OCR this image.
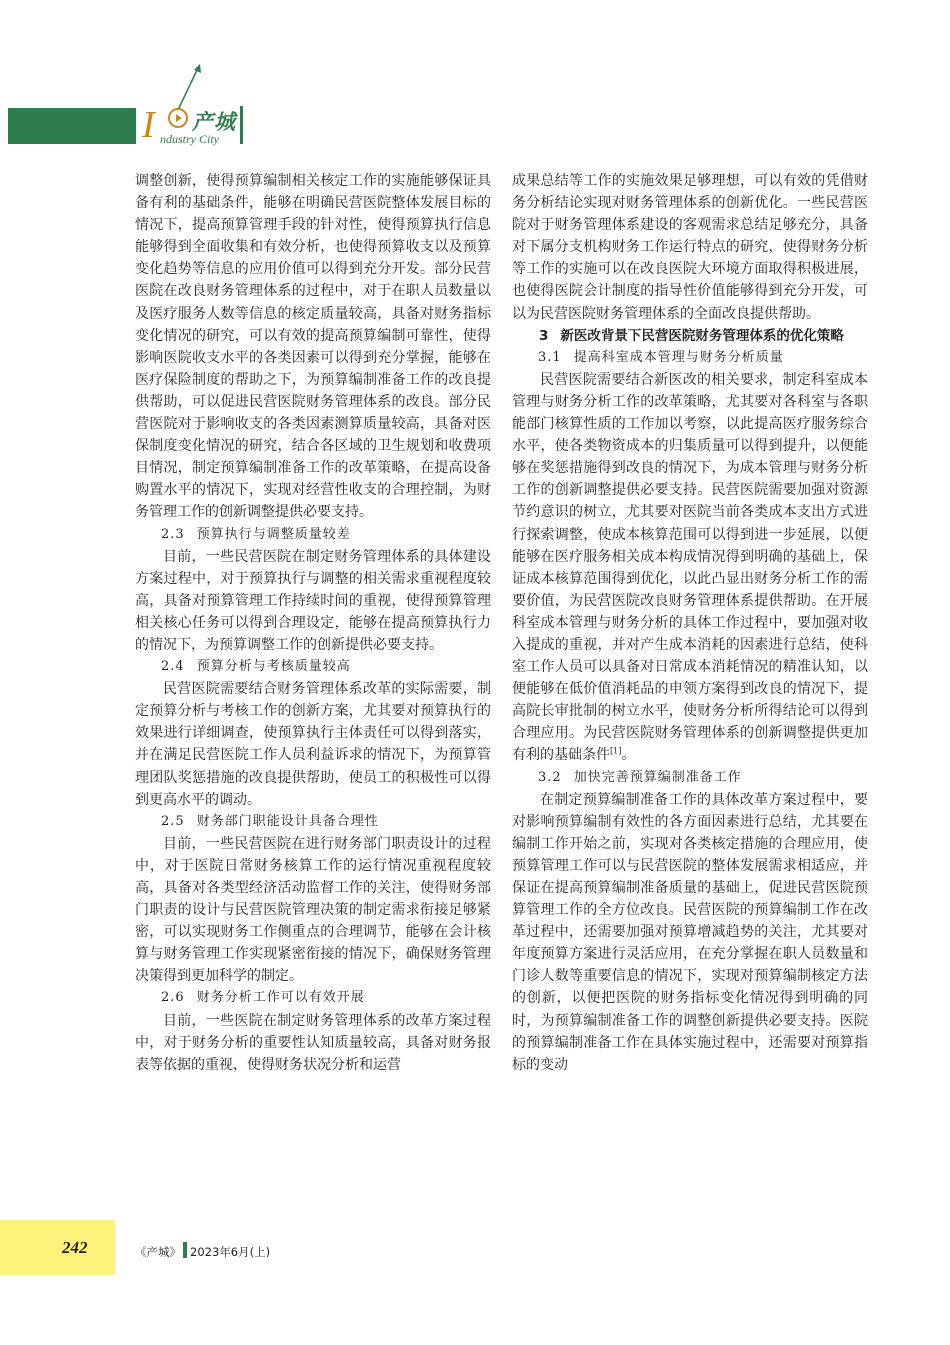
I 产城
ndustry City

调整创新，使得预算编制相关核定工作的实施能够保证具备有利的基础条件，能够在明确民营医院整体发展目标的情况下，提高预算管理手段的针对性，使得预算执行信息能够得到全面收集和有效分析，也使得预算收支以及预算变化趋势等信息的应用价值可以得到充分开发。部分民营医院在改良财务管理体系的过程中，对于在职人员数量以及医疗服务人数等信息的核定质量较高，具备对财务指标变化情况的研究，可以有效的提高预算编制可靠性，使得影响医院收支水平的各类因素可以得到充分掌握，能够在医疗保险制度的帮助之下，为预算编制准备工作的改良提供帮助，可以促进民营医院财务管理体系的改良。部分民营医院对于影响收支的各类因素测算质量较高，具备对医保制度变化情况的研究，结合各区域的卫生规划和收费项目情况，制定预算编制准备工作的改革策略，在提高设备购置水平的情况下，实现对经营性收支的合理控制，为财务管理工作的创新调整提供必要支持。

2.3 预算执行与调整质量较差

目前，一些民营医院在制定财务管理体系的具体建设方案过程中，对于预算执行与调整的相关需求重视程度较高，具备对预算管理工作持续时间的重视，使得预算管理相关核心任务可以得到合理设定，能够在提高预算执行力的情况下，为预算调整工作的创新提供必要支持。

2.4 预算分析与考核质量较高

民营医院需要结合财务管理体系改革的实际需要，制定预算分析与考核工作的创新方案，尤其要对预算执行的效果进行详细调查，使预算执行主体责任可以得到落实，并在满足民营医院工作人员利益诉求的情况下，为预算管理团队奖惩措施的改良提供帮助，使员工的积极性可以得到更高水平的调动。

2.5 财务部门职能设计具备合理性

目前，一些民营医院在进行财务部门职责设计的过程中，对于医院日常财务核算工作的运行情况重视程度较高，具备对各类型经济活动监督工作的关注，使得财务部门职责的设计与民营医院管理决策的制定需求衔接足够紧密，可以实现财务工作侧重点的合理调节，能够在会计核算与财务管理工作实现紧密衔接的情况下，确保财务管理决策得到更加科学的制定。

2.6 财务分析工作可以有效开展

目前，一些医院在制定财务管理体系的改革方案过程中，对于财务分析的重要性认知质量较高，具备对财务报表等依据的重视，使得财务状况分析和运营

成果总结等工作的实施效果足够理想，可以有效的凭借财务分析结论实现对财务管理体系的创新优化。一些民营医院对于财务管理体系建设的客观需求总结足够充分，具备对下属分支机构财务工作运行特点的研究，使得财务分析等工作的实施可以在改良医院大环境方面取得积极进展，也使得医院会计制度的指导性价值能够得到充分开发，可以为民营医院财务管理体系的全面改良提供帮助。

3 新医改背景下民营医院财务管理体系的优化策略
3.1 提高科室成本管理与财务分析质量

民营医院需要结合新医改的相关要求，制定科室成本管理与财务分析工作的改革策略，尤其要对各科室与各职能部门核算性质的工作加以考察，以此提高医疗服务综合水平，使各类物资成本的归集质量可以得到提升，以便能够在奖惩措施得到改良的情况下，为成本管理与财务分析工作的创新调整提供必要支持。民营医院需要加强对资源节约意识的树立，尤其要对医院当前各类成本支出方式进行探索调整，使成本核算范围可以得到进一步延展，以便能够在医疗服务相关成本构成情况得到明确的基础上，保证成本核算范围得到优化，以此凸显出财务分析工作的需要价值，为民营医院改良财务管理体系提供帮助。在开展科室成本管理与财务分析的具体工作过程中，要加强对收入提成的重视，并对产生成本消耗的因素进行总结，使科室工作人员可以具备对日常成本消耗情况的精准认知，以便能够在低价值消耗品的申领方案得到改良的情况下，提高院长审批制的树立水平，使财务分析所得结论可以得到合理应用。为民营医院财务管理体系的创新调整提供更加有利的基础条件[1]。

3.2 加快完善预算编制准备工作

在制定预算编制准备工作的具体改革方案过程中，要对影响预算编制有效性的各方面因素进行总结，尤其要在编制工作开始之前，实现对各类核定措施的合理应用，使预算管理工作可以与民营医院的整体发展需求相适应，并保证在提高预算编制准备质量的基础上，促进民营医院预算管理工作的全方位改良。民营医院的预算编制工作在改革过程中，还需要加强对预算增减趋势的关注，尤其要对年度预算方案进行灵活应用，在充分掌握在职人员数量和门诊人数等重要信息的情况下，实现对预算编制核定方法的创新，以便把医院的财务指标变化情况得到明确的同时，为预算编制准备工作的调整创新提供必要支持。医院的预算编制准备工作在具体实施过程中，还需要对预算指标的变动

242	《产城》 2023年6月(上)
